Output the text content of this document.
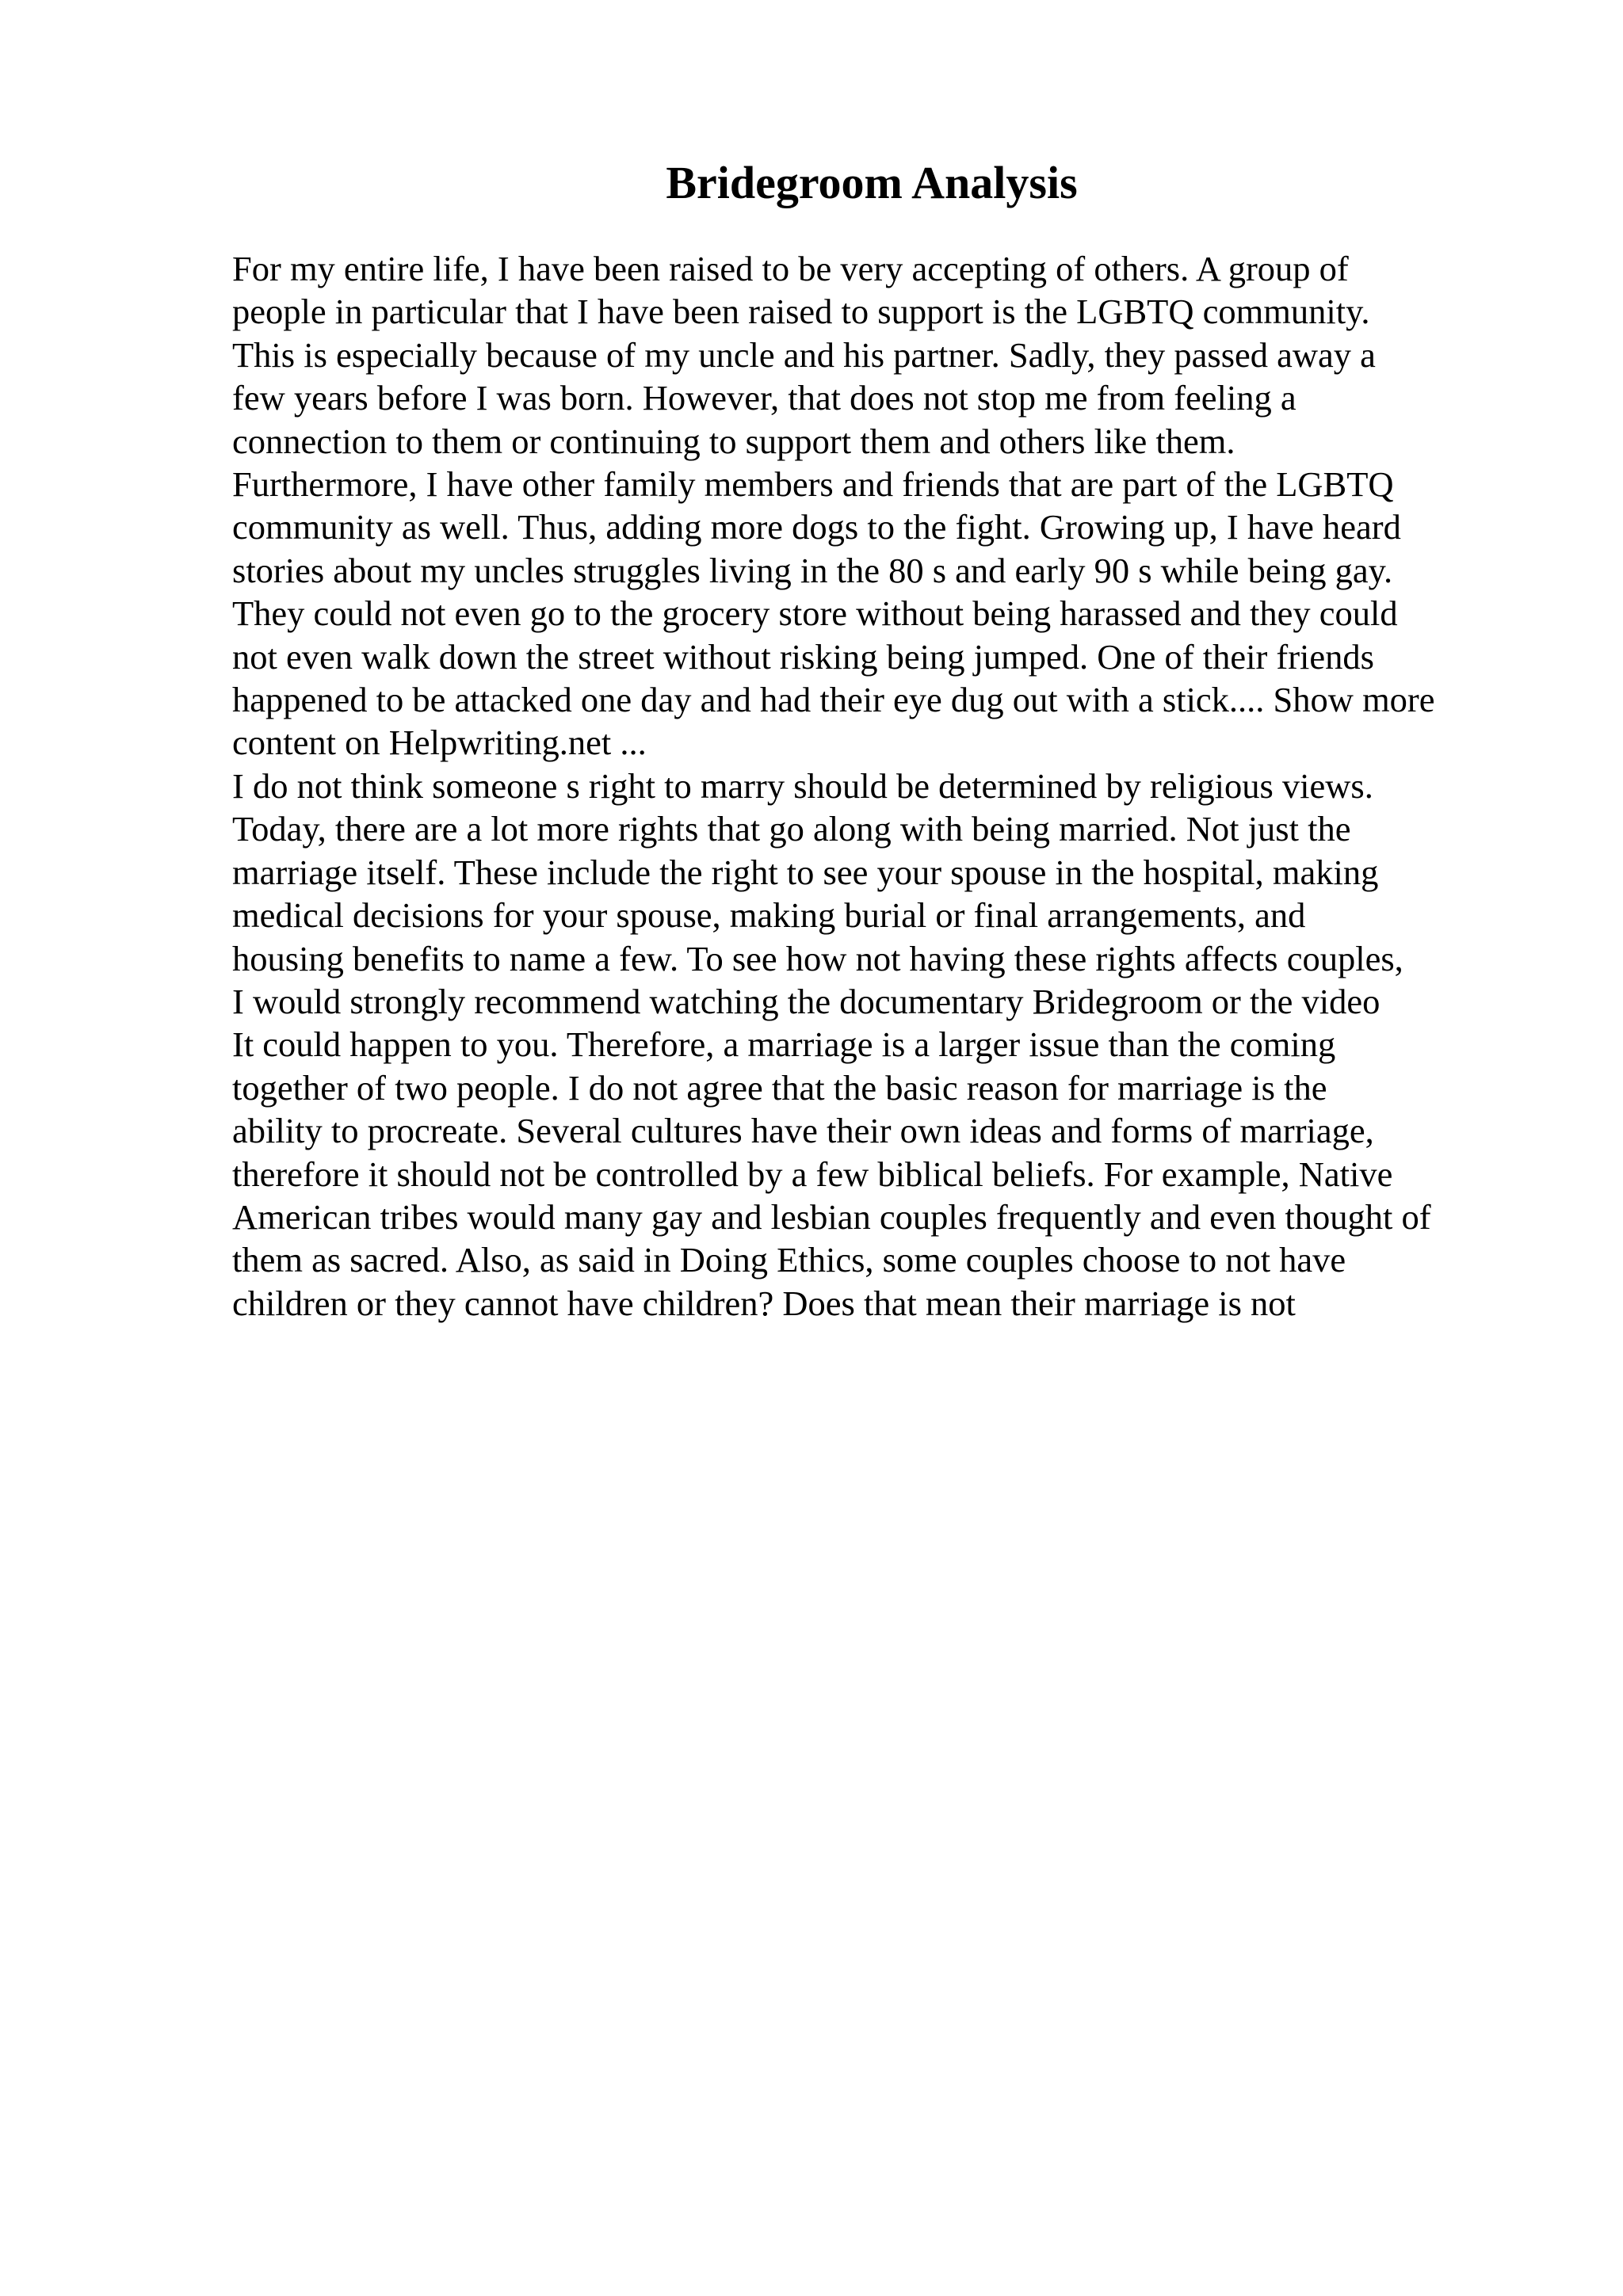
Bridegroom Analysis
For my entire life, I have been raised to be very accepting of others. A group of
people in particular that I have been raised to support is the LGBTQ community.
This is especially because of my uncle and his partner. Sadly, they passed away a
few years before I was born. However, that does not stop me from feeling a
connection to them or continuing to support them and others like them.
Furthermore, I have other family members and friends that are part of the LGBTQ
community as well. Thus, adding more dogs to the fight. Growing up, I have heard
stories about my uncles struggles living in the 80 s and early 90 s while being gay.
They could not even go to the grocery store without being harassed and they could
not even walk down the street without risking being jumped. One of their friends
happened to be attacked one day and had their eye dug out with a stick.... Show more
content on Helpwriting.net ...
I do not think someone s right to marry should be determined by religious views.
Today, there are a lot more rights that go along with being married. Not just the
marriage itself. These include the right to see your spouse in the hospital, making
medical decisions for your spouse, making burial or final arrangements, and
housing benefits to name a few. To see how not having these rights affects couples,
I would strongly recommend watching the documentary Bridegroom or the video
It could happen to you. Therefore, a marriage is a larger issue than the coming
together of two people. I do not agree that the basic reason for marriage is the
ability to procreate. Several cultures have their own ideas and forms of marriage,
therefore it should not be controlled by a few biblical beliefs. For example, Native
American tribes would many gay and lesbian couples frequently and even thought of
them as sacred. Also, as said in Doing Ethics, some couples choose to not have
children or they cannot have children? Does that mean their marriage is not
